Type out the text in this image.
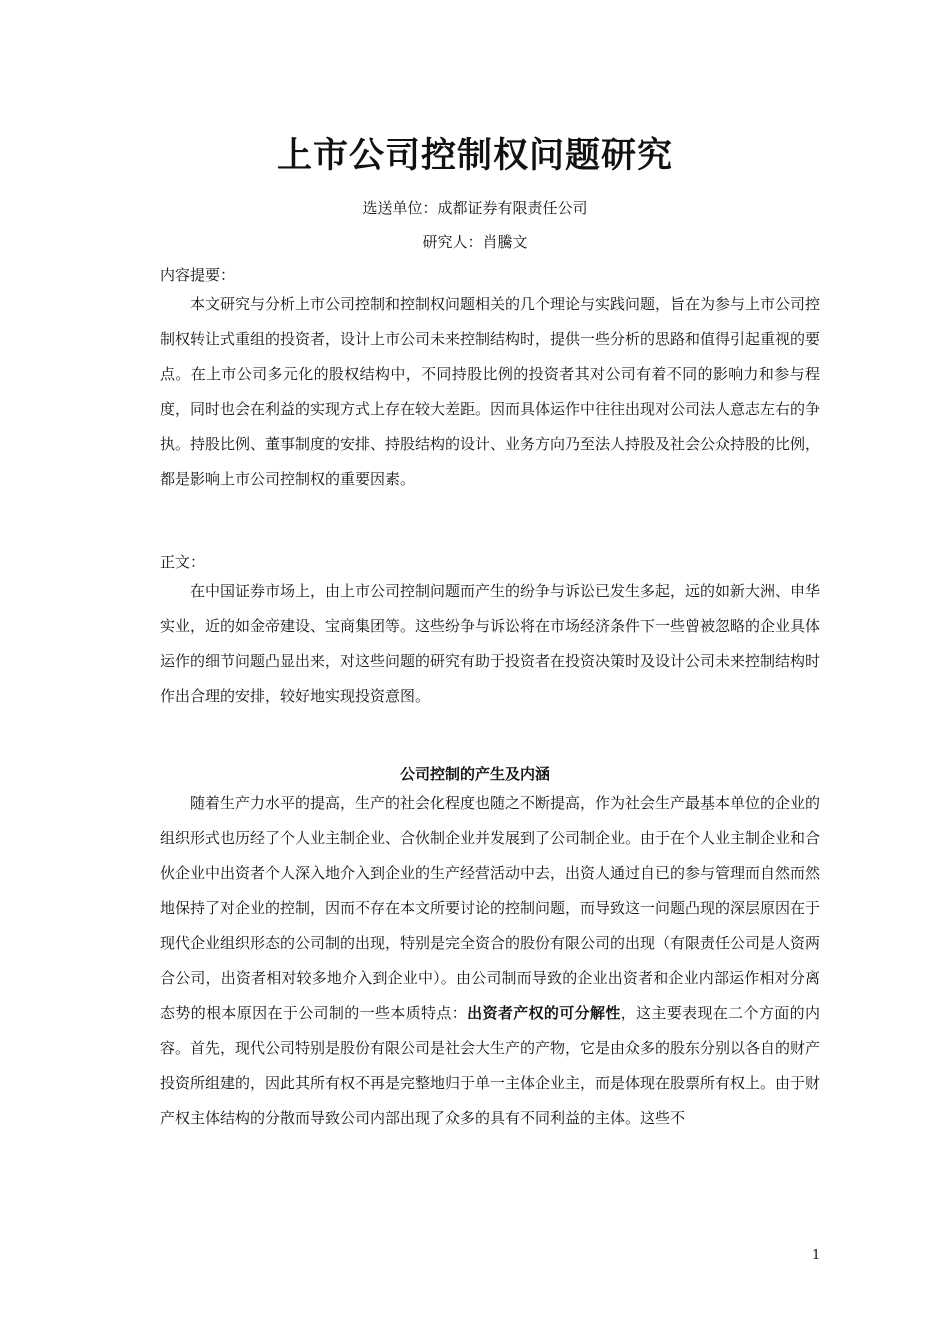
上市公司控制权问题研究
选送单位：成都证券有限责任公司
研究人：肖騰文
内容提要：

本文研究与分析上市公司控制和控制权问题相关的几个理论与实践问题，旨在为参与上市公司控制权转让式重组的投资者，设计上市公司未来控制结构时，提供一些分析的思路和值得引起重视的要点。在上市公司多元化的股权结构中，不同持股比例的投资者其对公司有着不同的影响力和参与程度，同时也会在利益的实现方式上存在较大差距。因而具体运作中往往出现对公司法人意志左右的争执。持股比例、董事制度的安排、持股结构的设计、业务方向乃至法人持股及社会公众持股的比例，都是影响上市公司控制权的重要因素。

正文：

在中国证券市场上，由上市公司控制问题而产生的纷争与诉讼已发生多起，远的如新大洲、申华实业，近的如金帝建设、宝商集团等。这些纷争与诉讼将在市场经济条件下一些曾被忽略的企业具体运作的细节问题凸显出来，对这些问题的研究有助于投资者在投资决策时及设计公司未来控制结构时作出合理的安排，较好地实现投资意图。

公司控制的产生及内涵

随着生产力水平的提高，生产的社会化程度也随之不断提高，作为社会生产最基本单位的企业的组织形式也历经了个人业主制企业、合伙制企业并发展到了公司制企业。由于在个人业主制企业和合伙企业中出资者个人深入地介入到企业的生产经营活动中去，出资人通过自已的参与管理而自然而然地保持了对企业的控制，因而不存在本文所要讨论的控制问题，而导致这一问题凸现的深层原因在于现代企业组织形态的公司制的出现，特别是完全资合的股份有限公司的出现（有限责任公司是人资两合公司，出资者相对较多地介入到企业中）。由公司制而导致的企业出资者和企业内部运作相对分离态势的根本原因在于公司制的一些本质特点：出资者产权的可分解性，这主要表现在二个方面的内容。首先，现代公司特别是股份有限公司是社会大生产的产物，它是由众多的股东分别以各自的财产投资所组建的，因此其所有权不再是完整地归于单一主体企业主，而是体现在股票所有权上。由于财产权主体结构的分散而导致公司内部出现了众多的具有不同利益的主体。这些不

1
